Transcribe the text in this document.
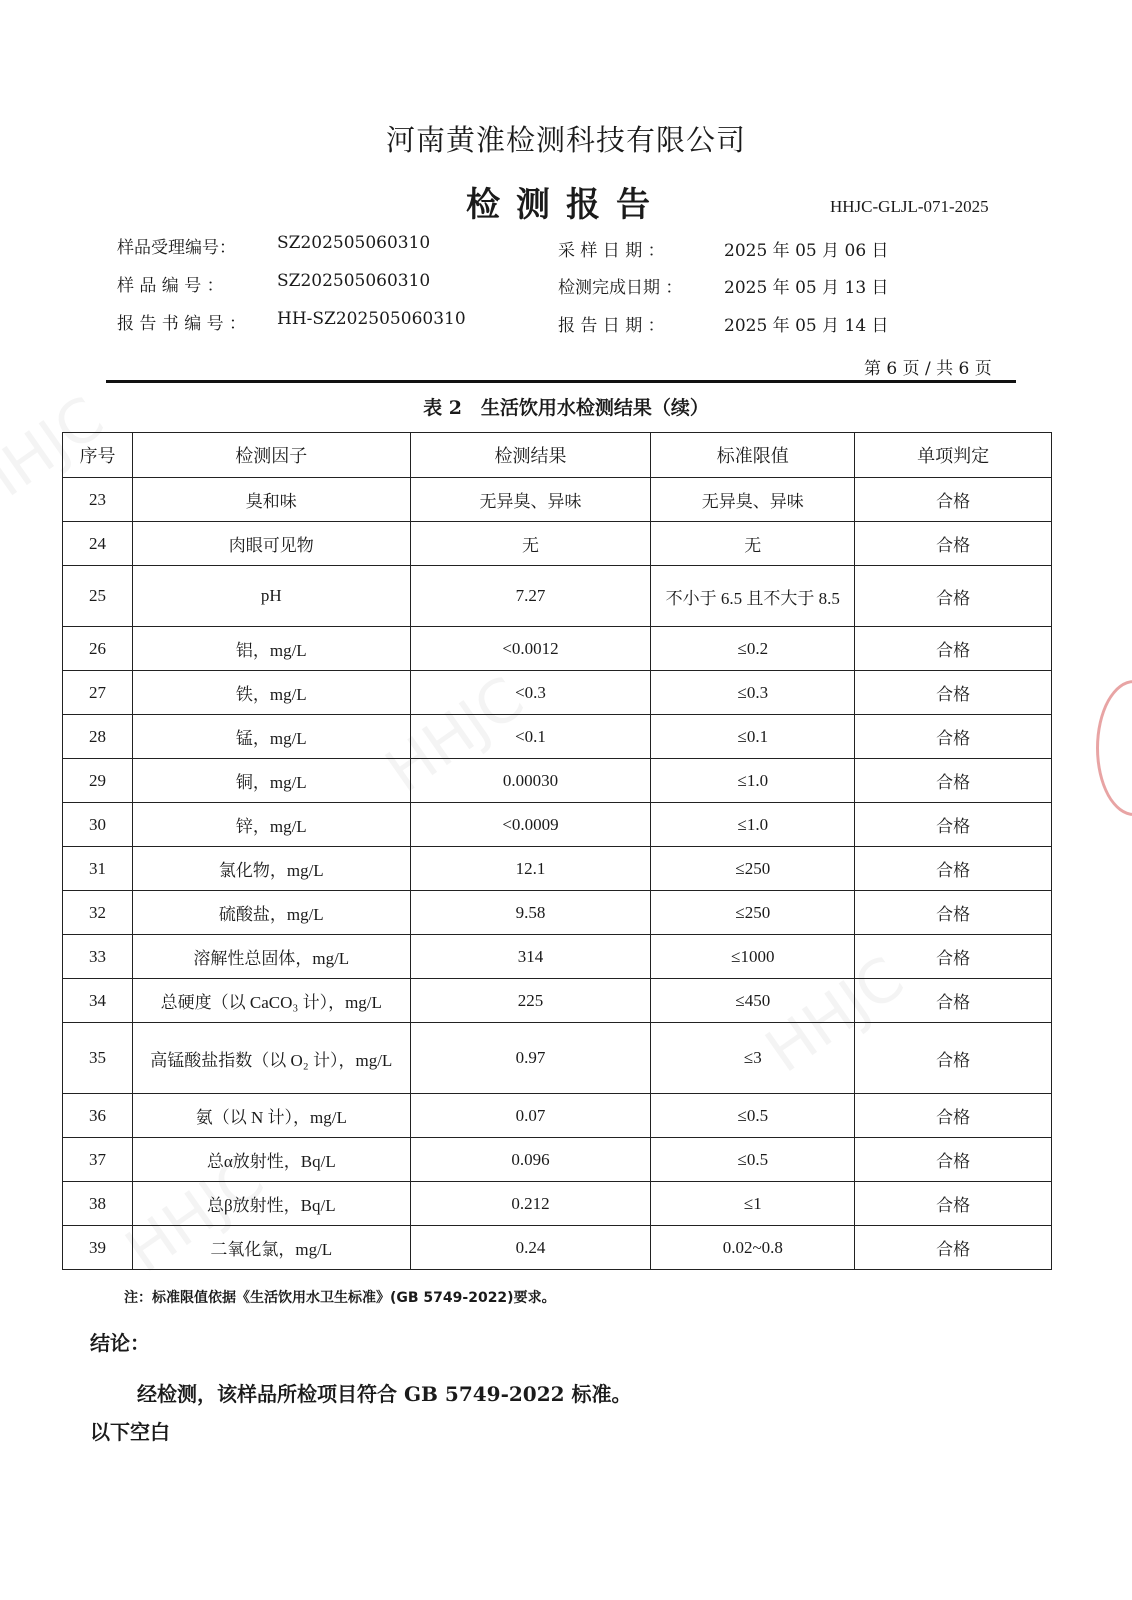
河南黄淮检测科技有限公司
检测报告	HHJC-GLJL-071-2025
样品受理编号： SZ202505060310
样 品 编 号 ：	SZ202505060310
报 告 书 编 号 ： HH-SZ202505060310
采 样 日 期 ：	2025 年 05 月 06 日
检测完成日期 ： 2025 年 05 月 13 日
报 告 日 期 ：	2025 年 05 月 14 日
第 6 页 / 共 6 页
表 2　生活饮用水检测结果（续）
序号	检测因子	检测结果	标准限值	单项判定
23	臭和味	无异臭、异味	无异臭、异味	合格
24	肉眼可见物	无	无	合格
25	pH	7.27	不小于 6.5 且不大于 8.5	合格
26	铝，mg/L	<0.0012	≤0.2	合格
27	铁，mg/L	<0.3	≤0.3	合格
28	锰，mg/L	<0.1	≤0.1	合格
29	铜，mg/L	0.00030	≤1.0	合格
30	锌，mg/L	<0.0009	≤1.0	合格
31	氯化物，mg/L	12.1	≤250	合格
32	硫酸盐，mg/L	9.58	≤250	合格
33	溶解性总固体，mg/L	314	≤1000	合格
34	总硬度（以 CaCO₃ 计），mg/L	225	≤450	合格
35	高锰酸盐指数（以 O₂ 计），mg/L	0.97	≤3	合格
36	氨（以 N 计），mg/L	0.07	≤0.5	合格
37	总α放射性，Bq/L	0.096	≤0.5	合格
38	总β放射性，Bq/L	0.212	≤1	合格
39	二氧化氯，mg/L	0.24	0.02~0.8	合格
注：标准限值依据《生活饮用水卫生标准》(GB 5749-2022)要求。
结论：
经检测，该样品所检项目符合 GB 5749-2022 标准。
以下空白
